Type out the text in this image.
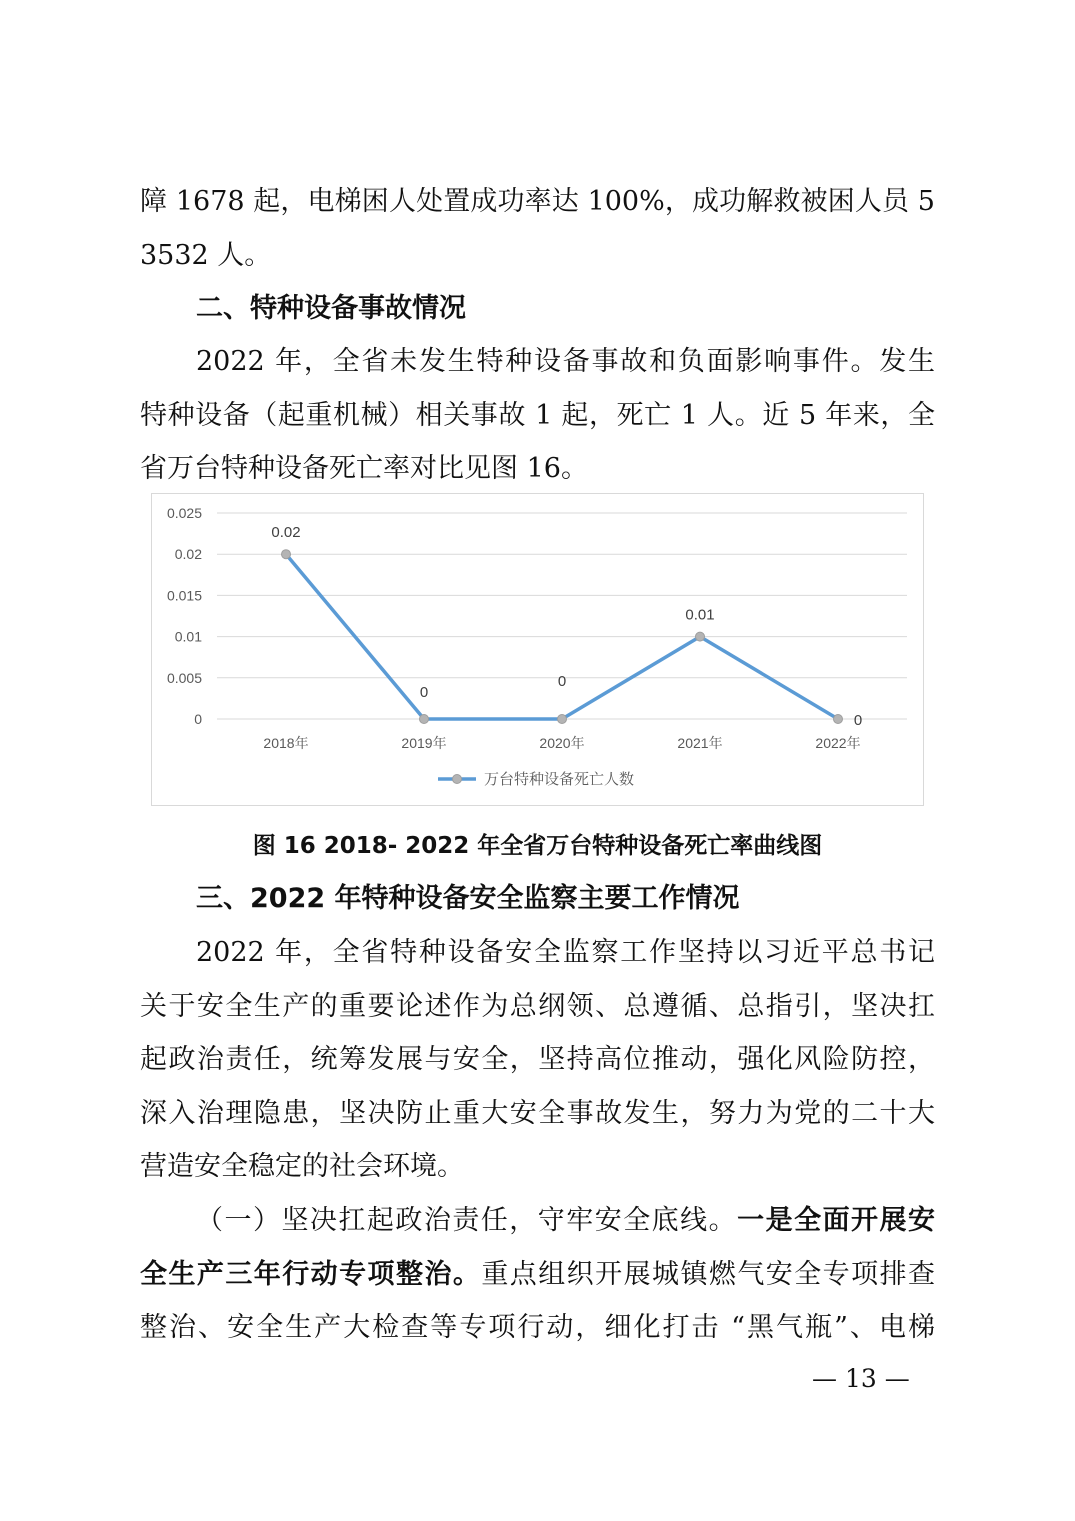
障 1678 起，电梯困人处置成功率达 100%，成功解救被困人员 5
3532 人。
二、特种设备事故情况
2022 年，全省未发生特种设备事故和负面影响事件。发生
特种设备（起重机械）相关事故 1 起，死亡 1 人。近 5 年来，全
省万台特种设备死亡率对比见图 16。
0
0.005
0.01
0.015
0.02
0.025
2018年	2019年	2020年	2021年	2022年
0.02
0
0
0.01
0
万台特种设备死亡人数
图 16 2018- 2022 年全省万台特种设备死亡率曲线图
三、2022 年特种设备安全监察主要工作情况
2022 年，全省特种设备安全监察工作坚持以习近平总书记
关于安全生产的重要论述作为总纲领、总遵循、总指引，坚决扛
起政治责任，统筹发展与安全，坚持高位推动，强化风险防控，
深入治理隐患，坚决防止重大安全事故发生，努力为党的二十大
营造安全稳定的社会环境。
（一）坚决扛起政治责任，守牢安全底线。一是全面开展安
全生产三年行动专项整治。重点组织开展城镇燃气安全专项排查
整治、安全生产大检查等专项行动，细化打击 “黑气瓶”、电梯
— 13 —
